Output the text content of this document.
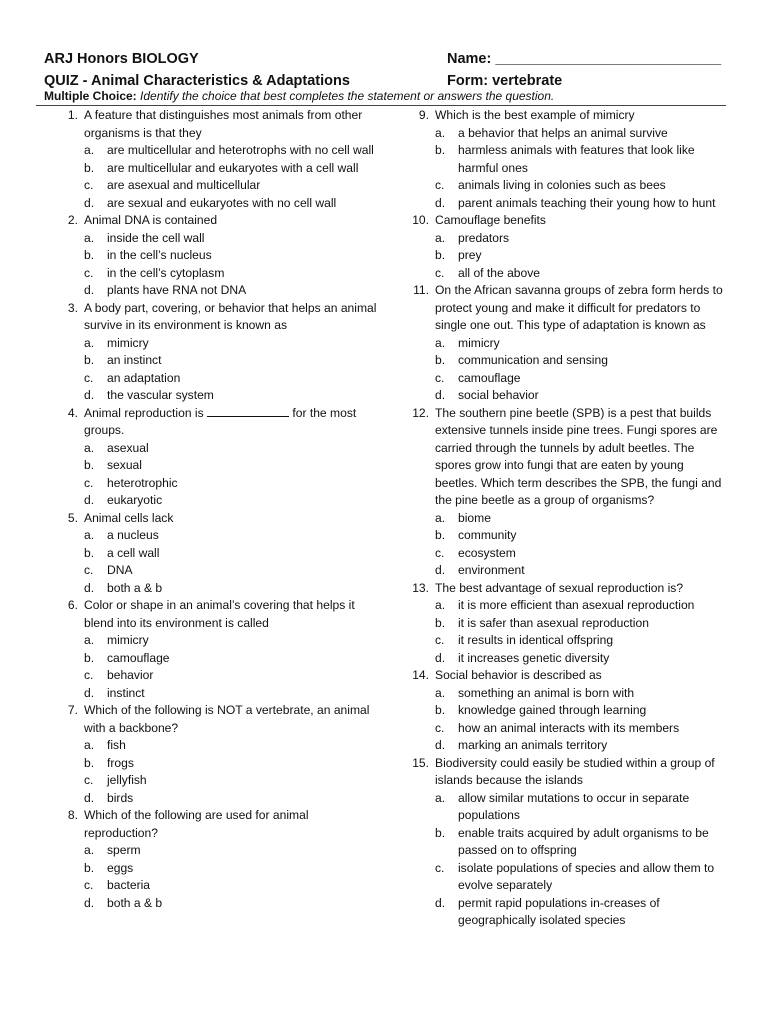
ARJ Honors BIOLOGY
QUIZ - Animal Characteristics & Adaptations
Name: ____________________________
Form: vertebrate
Multiple Choice: Identify the choice that best completes the statement or answers the question.
1. A feature that distinguishes most animals from other organisms is that they
a. are multicellular and heterotrophs with no cell wall
b. are multicellular and eukaryotes with a cell wall
c. are asexual and multicellular
d. are sexual and eukaryotes with no cell wall
2. Animal DNA is contained
a. inside the cell wall
b. in the cell’s nucleus
c. in the cell’s cytoplasm
d. plants have RNA not DNA
3. A body part, covering, or behavior that helps an animal survive in its environment is known as
a. mimicry
b. an instinct
c. an adaptation
d. the vascular system
4. Animal reproduction is	for the most groups.
a. asexual
b. sexual
c. heterotrophic
d. eukaryotic
5. Animal cells lack
a. a nucleus
b. a cell wall
c. DNA
d. both a & b
6. Color or shape in an animal’s covering that helps it blend into its environment is called
a. mimicry
b. camouflage
c. behavior
d. instinct
7. Which of the following is NOT a vertebrate, an animal with a backbone?
a. fish
b. frogs
c. jellyfish
d. birds
8. Which of the following are used for animal reproduction?
a. sperm
b. eggs
c. bacteria
d. both a & b
9. Which is the best example of mimicry
a. a behavior that helps an animal survive
b. harmless animals with features that look like harmful ones
c. animals living in colonies such as bees
d. parent animals teaching their young how to hunt
10. Camouflage benefits
a. predators
b. prey
c. all of the above
11. On the African savanna groups of zebra form herds to protect young and make it difficult for predators to single one out. This type of adaptation is known as
a. mimicry
b. communication and sensing
c. camouflage
d. social behavior
12. The southern pine beetle (SPB) is a pest that builds extensive tunnels inside pine trees. Fungi spores are carried through the tunnels by adult beetles. The spores grow into fungi that are eaten by young beetles. Which term describes the SPB, the fungi and the pine beetle as a group of organisms?
a. biome
b. community
c. ecosystem
d. environment
13. The best advantage of sexual reproduction is?
a. it is more efficient than asexual reproduction
b. it is safer than asexual reproduction
c. it results in identical offspring
d. it increases genetic diversity
14. Social behavior is described as
a. something an animal is born with
b. knowledge gained through learning
c. how an animal interacts with its members
d. marking an animals territory
15. Biodiversity could easily be studied within a group of islands because the islands
a. allow similar mutations to occur in separate populations
b. enable traits acquired by adult organisms to be passed on to offspring
c. isolate populations of species and allow them to evolve separately
d. permit rapid populations in-creases of geographically isolated species
